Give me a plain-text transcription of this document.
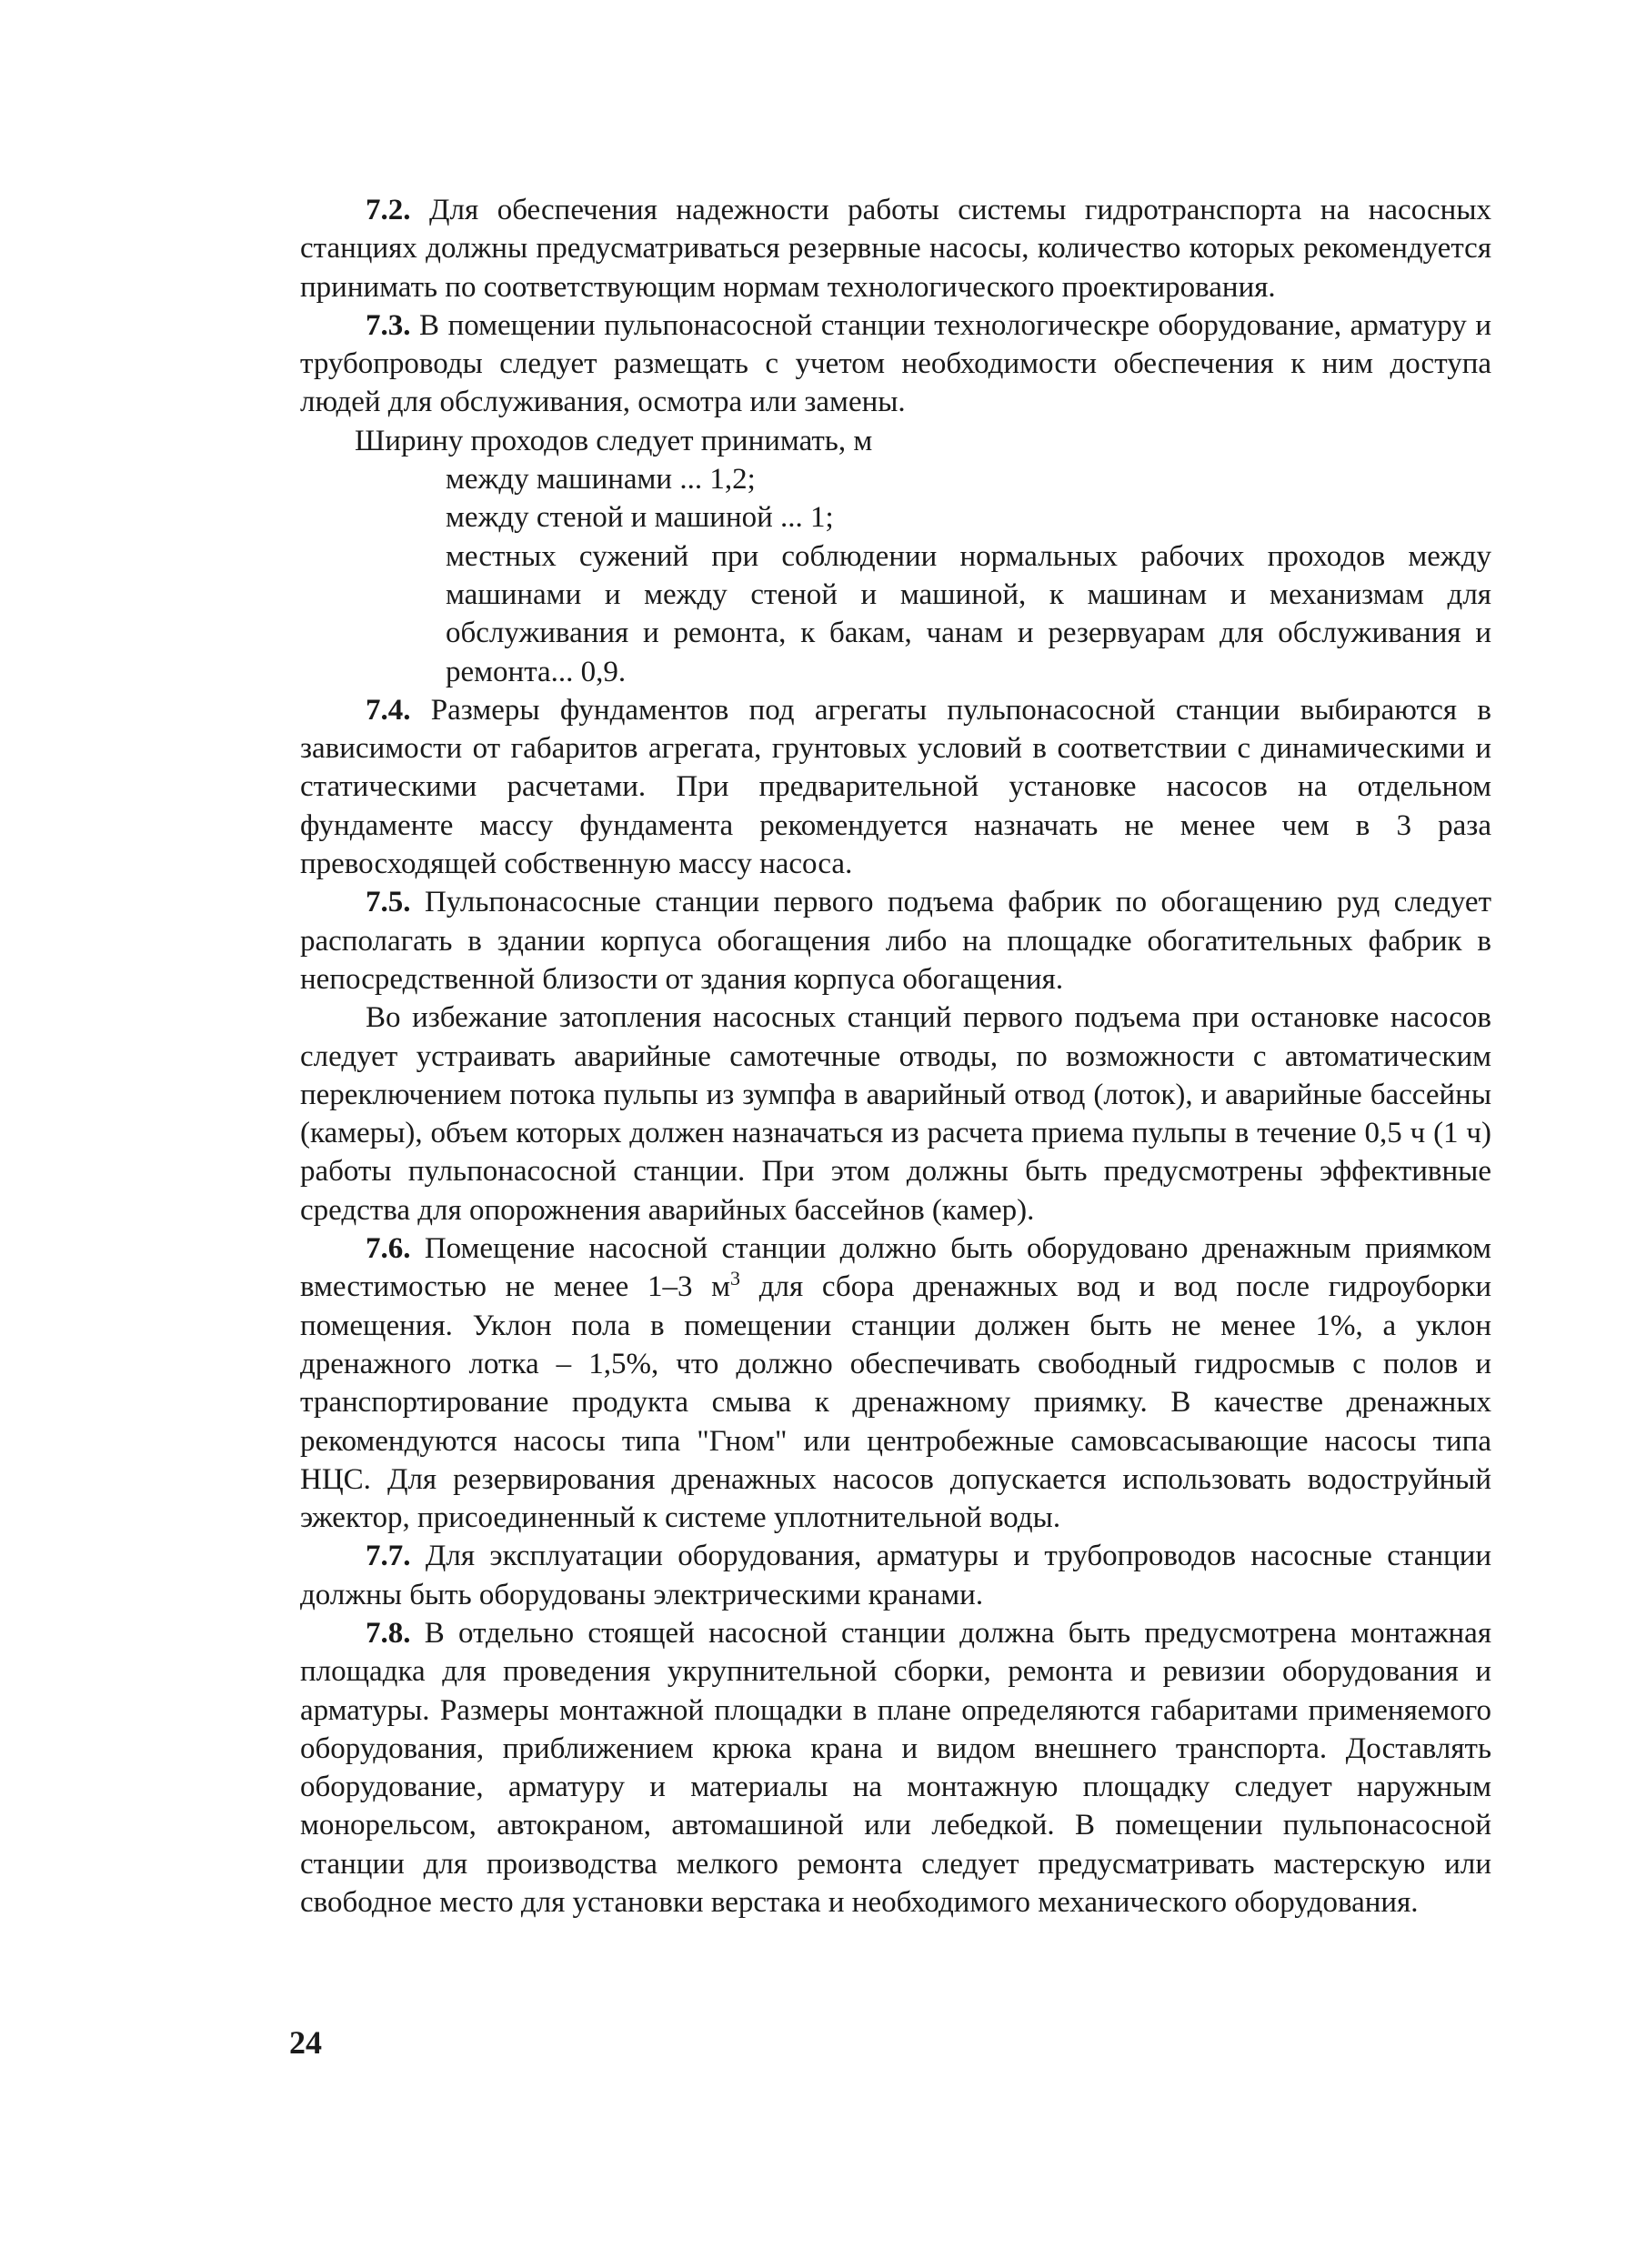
7.2. Для обеспечения надежности работы системы гидротранспорта на насосных станциях должны предусматриваться резервные насосы, количество которых рекомендуется принимать по соответствующим нормам технологического проектирования.

7.3. В помещении пульпонасосной станции технологическре оборудование, арматуру и трубопроводы следует размещать с учетом необходимости обеспечения к ним доступа людей для обслуживания, осмотра или замены.

Ширину проходов следует принимать, м

между машинами ... 1,2;

между стеной и машиной ... 1;

местных сужений при соблюдении нормальных рабочих проходов между машинами и между стеной и машиной, к машинам и механизмам для обслуживания и ремонта, к бакам, чанам и резервуарам для обслуживания и ремонта... 0,9.

7.4. Размеры фундаментов под агрегаты пульпонасосной станции выбираются в зависимости от габаритов агрегата, грунтовых условий в соответствии с динамическими и статическими расчетами. При предварительной установке насосов на отдельном фундаменте массу фундамента рекомендуется назначать не менее чем в 3 раза превосходящей собственную массу насоса.

7.5. Пульпонасосные станции первого подъема фабрик по обогащению руд следует располагать в здании корпуса обогащения либо на площадке обогатительных фабрик в непосредственной близости от здания корпуса обогащения.

Во избежание затопления насосных станций первого подъема при остановке насосов следует устраивать аварийные самотечные отводы, по возможности с автоматическим переключением потока пульпы из зумпфа в аварийный отвод (лоток), и аварийные бассейны (камеры), объем которых должен назначаться из расчета приема пульпы в течение 0,5 ч (1 ч) работы пульпонасосной станции. При этом должны быть предусмотрены эффективные средства для опорожнения аварийных бассейнов (камер).

7.6. Помещение насосной станции должно быть оборудовано дренажным приямком вместимостью не менее 1–3 $м^3$ для сбора дренажных вод и вод после гидроуборки помещения. Уклон пола в помещении станции должен быть не менее 1%, а уклон дренажного лотка – 1,5%, что должно обеспечивать свободный гидросмыв с полов и транспортирование продукта смыва к дренажному приямку. В качестве дренажных рекомендуются насосы типа "Гном" или центробежные самовсасывающие насосы типа НЦС. Для резервирования дренажных насосов допускается использовать водоструйный эжектор, присоединенный к системе уплотнительной воды.

7.7. Для эксплуатации оборудования, арматуры и трубопроводов насосные станции должны быть оборудованы электрическими кранами.

7.8. В отдельно стоящей насосной станции должна быть предусмотрена монтажная площадка для проведения укрупнительной сборки, ремонта и ревизии оборудования и арматуры. Размеры монтажной площадки в плане определяются габаритами применяемого оборудования, приближением крюка крана и видом внешнего транспорта. Доставлять оборудование, арматуру и материалы на монтажную площадку следует наружным монорельсом, автокраном, автомашиной или лебедкой. В помещении пульпонасосной станции для производства мелкого ремонта следует предусматривать мастерскую или свободное место для установки верстака и необходимого механического оборудования.

24
